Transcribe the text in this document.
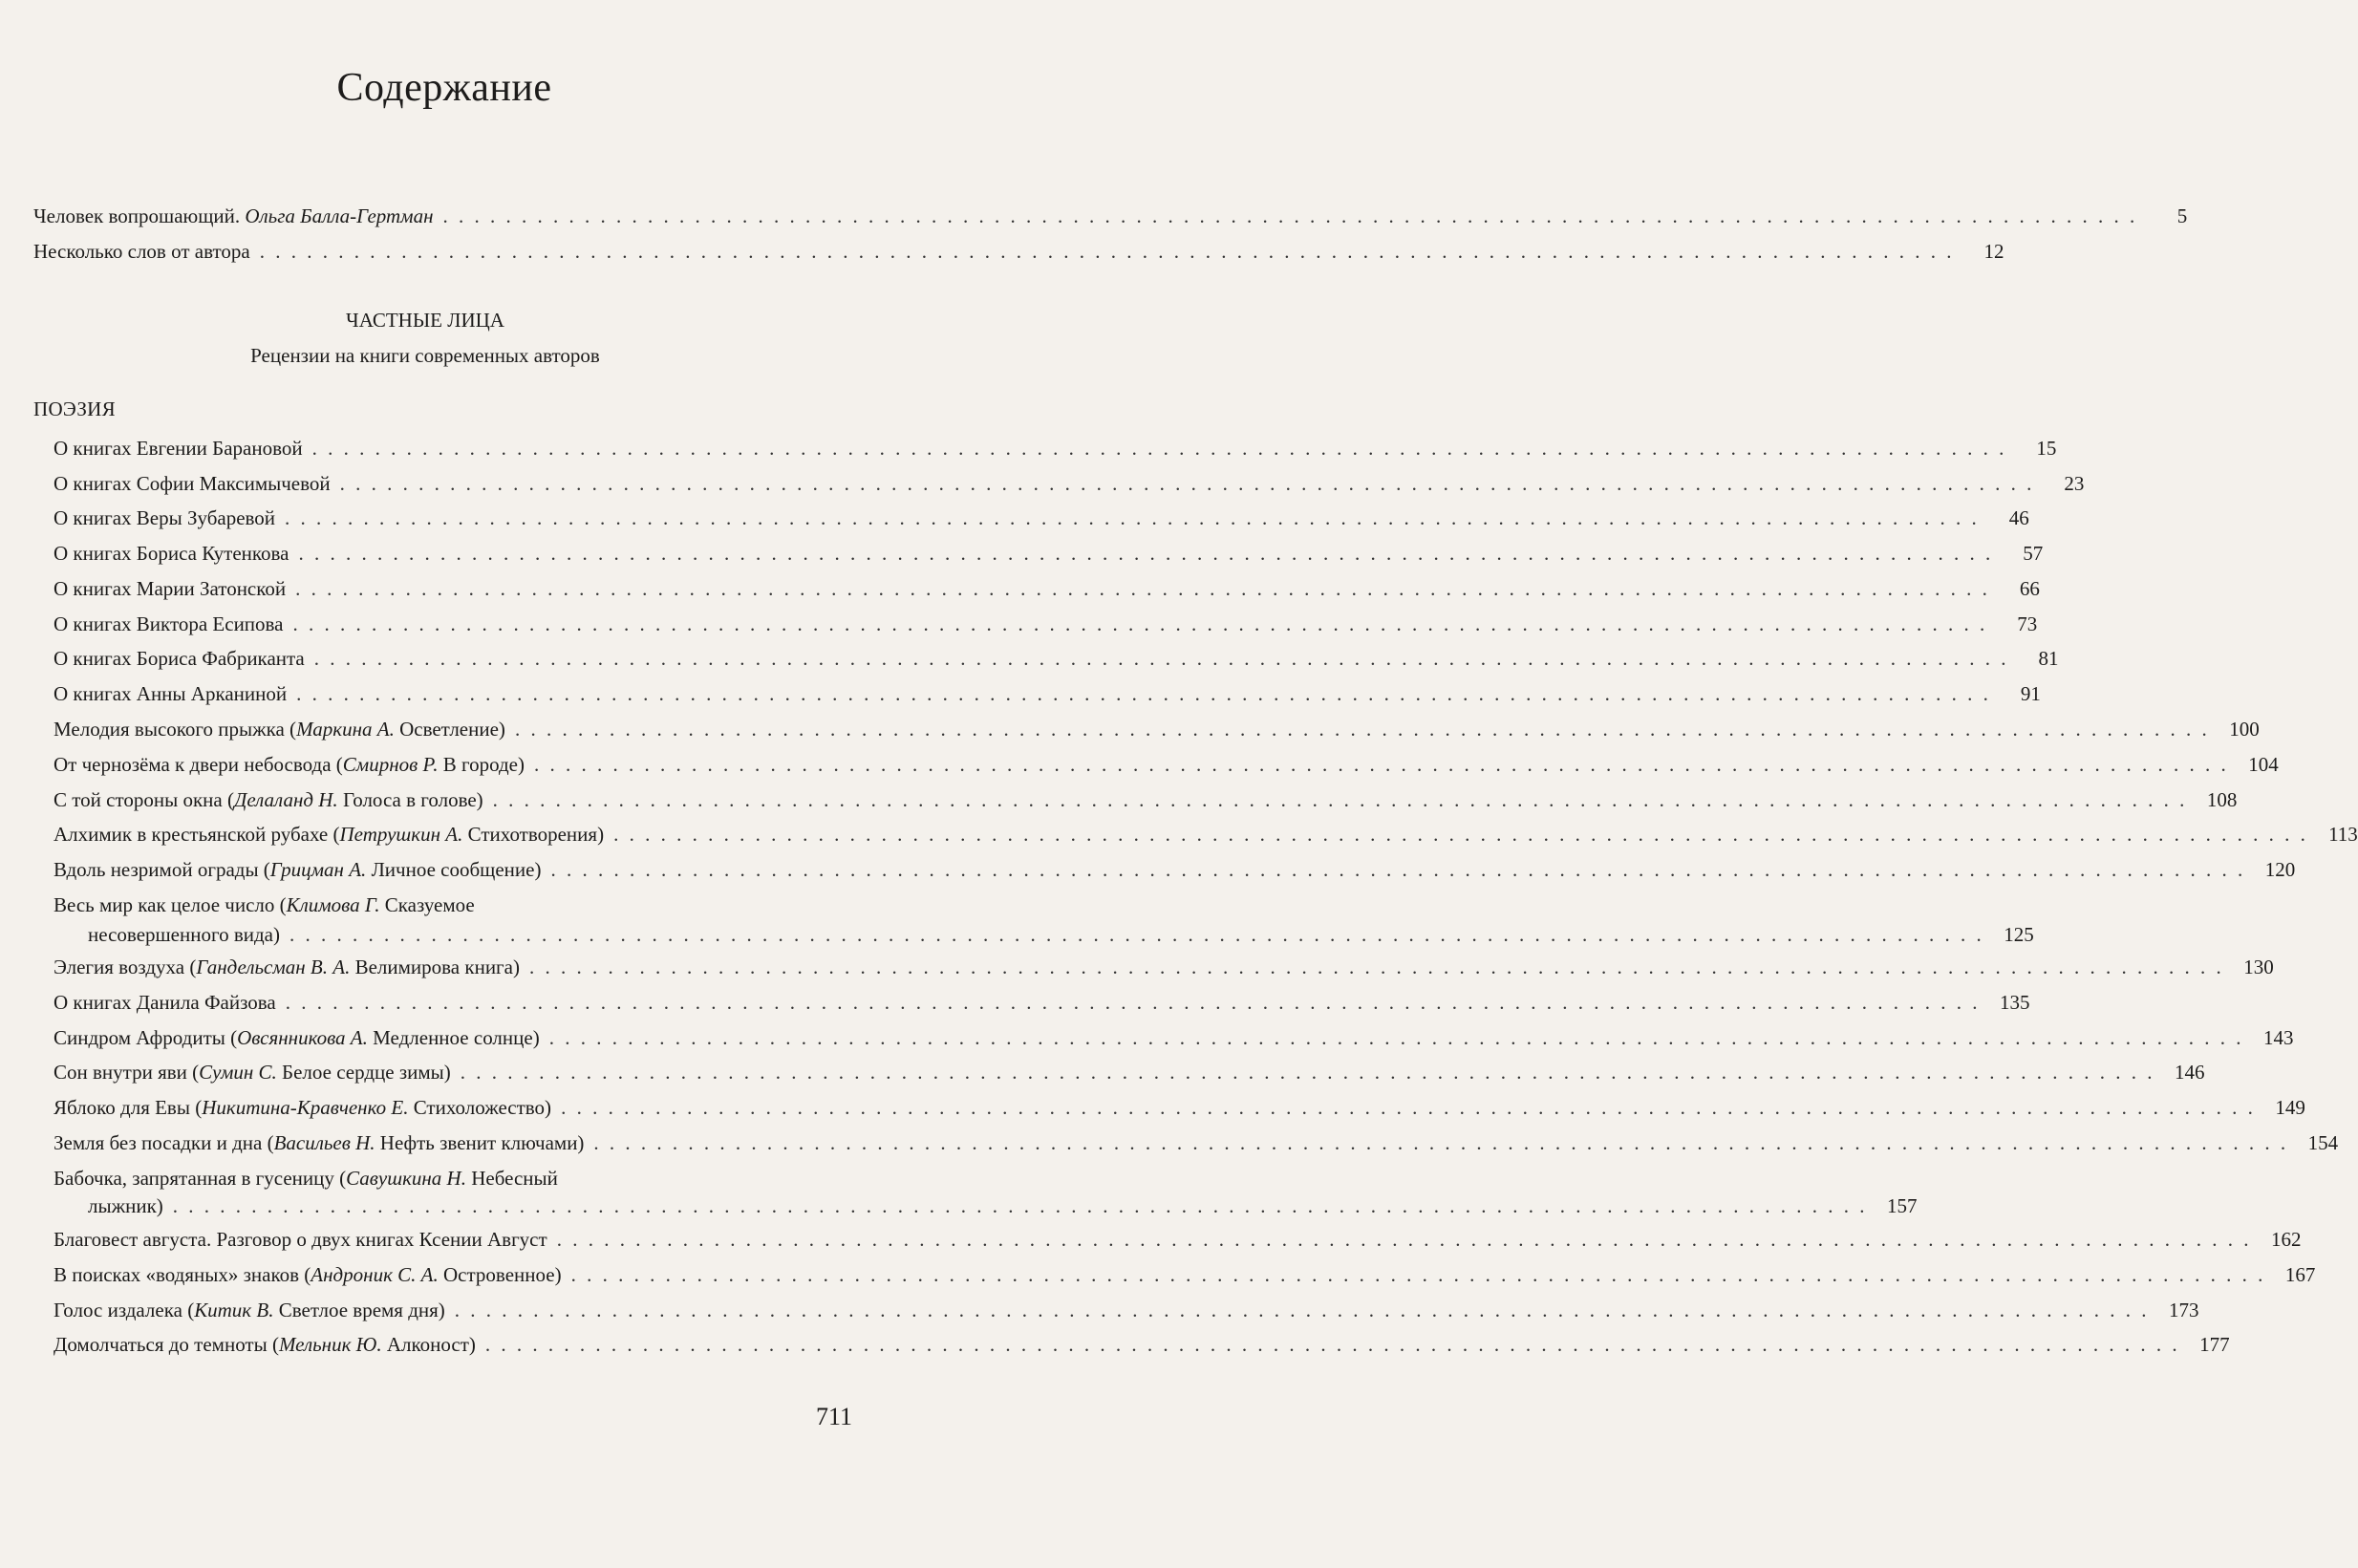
Содержание
Человек вопрошающий. Ольга Балла-Гертман . . .	5
Несколько слов от автора . . .	12
ЧАСТНЫЕ ЛИЦА
Рецензии на книги современных авторов
ПОЭЗИЯ
О книгах Евгении Барановой . . .	15
О книгах Софии Максимычевой . . .	23
О книгах Веры Зубаревой . . .	46
О книгах Бориса Кутенкова . . .	57
О книгах Марии Затонской . . .	66
О книгах Виктора Есипова . . .	73
О книгах Бориса Фабриканта . . .	81
О книгах Анны Арканиной . . .	91
Мелодия высокого прыжка (Маркина А. Осветление) . . .	100
От чернозёма к двери небосвода (Смирнов Р. В городе) . . .	104
С той стороны окна (Делаланд Н. Голоса в голове) . . .	108
Алхимик в крестьянской рубахе (Петрушкин А. Стихотворения) . . .	113
Вдоль незримой ограды (Грицман А. Личное сообщение) . . .	120
Весь мир как целое число (Климова Г. Сказуемое
несовершенного вида) . . .	125
Элегия воздуха (Гандельсман В. А. Велимирова книга) . . .	130
О книгах Данила Файзова . . .	135
Синдром Афродиты (Овсянникова А. Медленное солнце) . . .	143
Сон внутри яви (Сумин С. Белое сердце зимы) . . .	146
Яблоко для Евы (Никитина-Кравченко Е. Стихоложество) . . .	149
Земля без посадки и дна (Васильев Н. Нефть звенит ключами) . . .	154
Бабочка, запрятанная в гусеницу (Савушкина Н. Небесный
лыжник) . . .	157
Благовест августа. Разговор о двух книгах Ксении Август . . .	162
В поисках «водяных» знаков (Андроник С. А. Островенное) . . .	167
Голос издалека (Китик В. Светлое время дня) . . .	173
Домолчаться до темноты (Мельник Ю. Алконост) . . .	177
711
